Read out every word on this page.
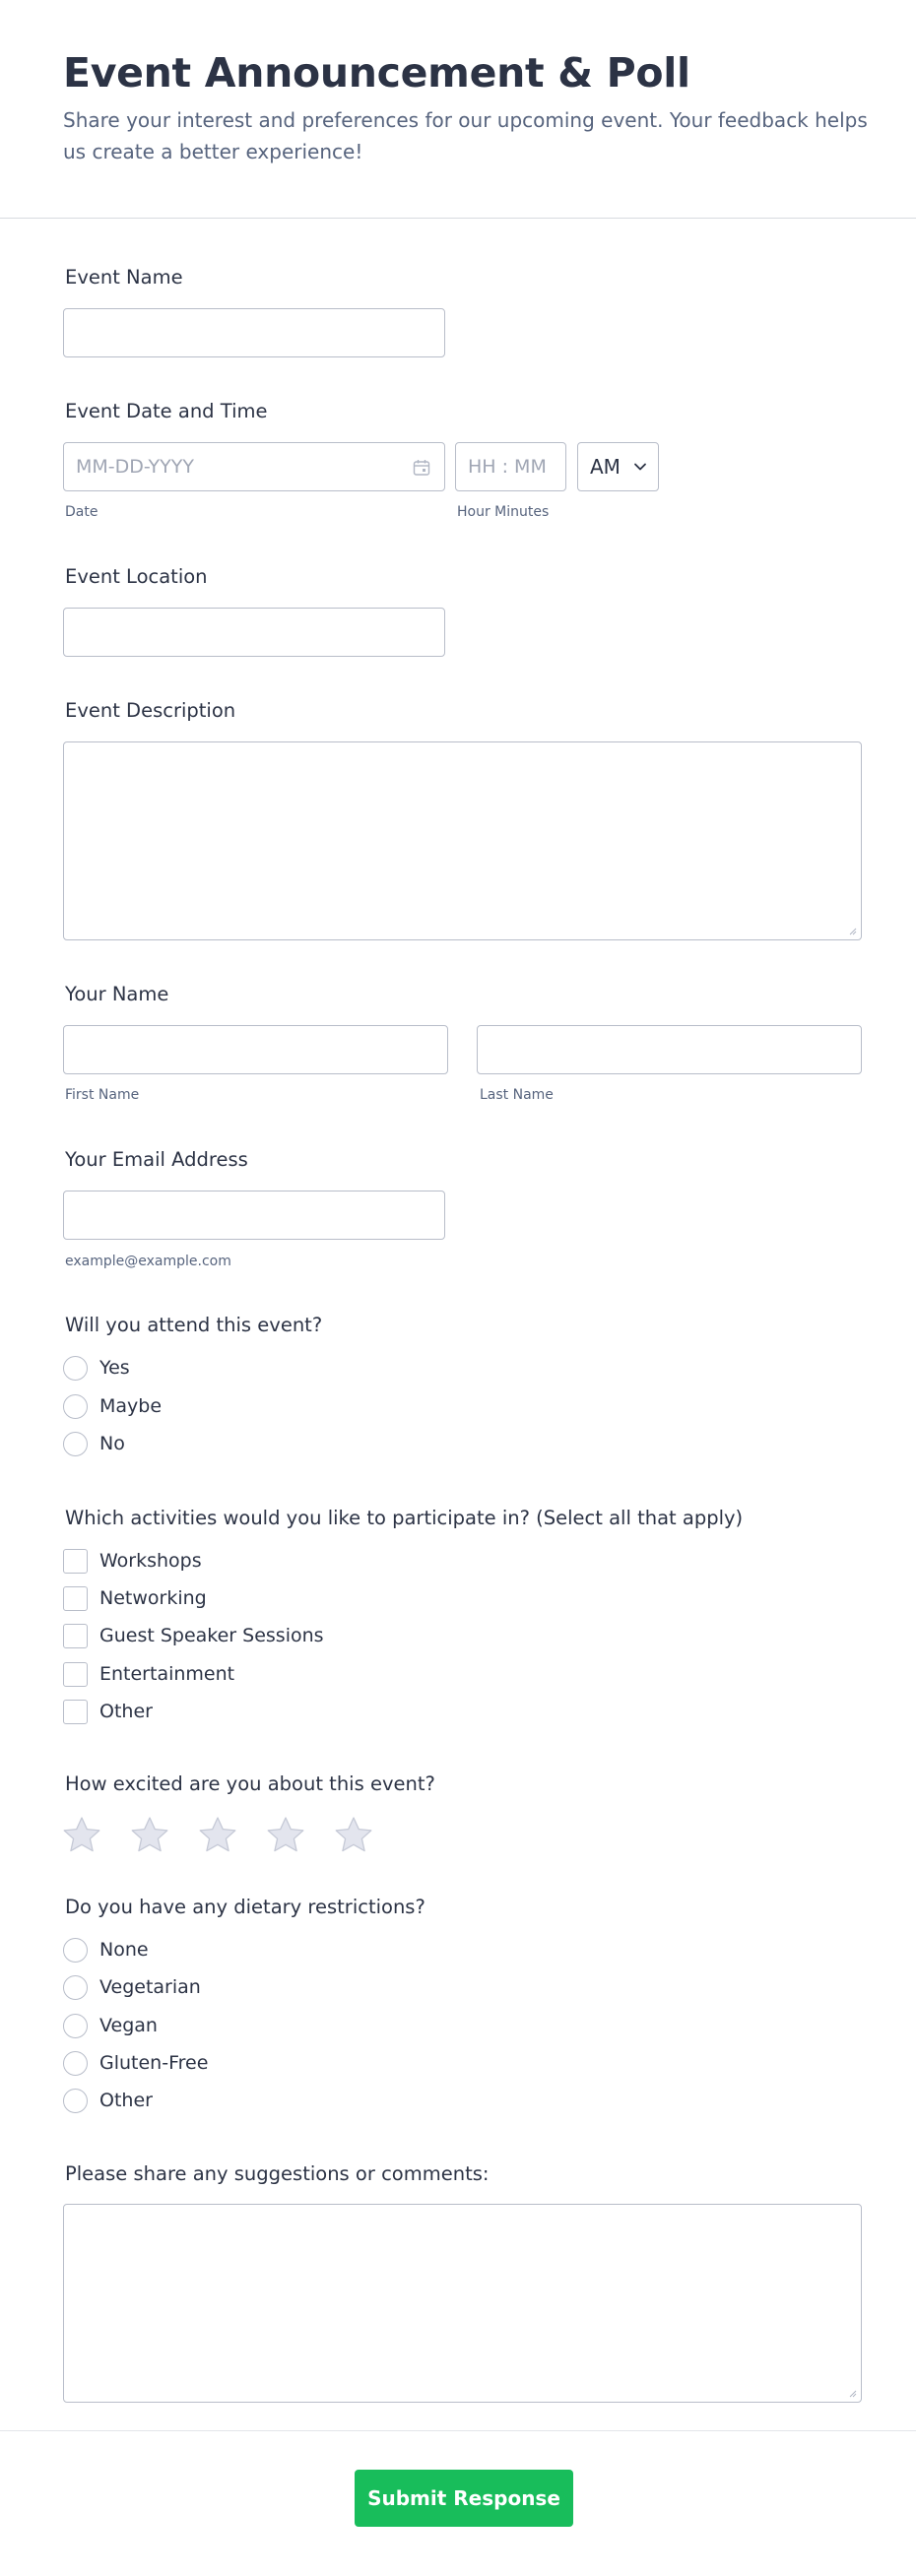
Event Announcement & Poll
Share your interest and preferences for our upcoming event. Your feedback helps us create a better experience!
Event Name
Event Date and Time
MM-DD-YYYY
Date
HH : MM
Hour Minutes
AM
Event Location
Event Description
Your Name
First Name	Last Name
Your Email Address
example@example.com
Will you attend this event?
Yes
Maybe
No
Which activities would you like to participate in? (Select all that apply)
Workshops
Networking
Guest Speaker Sessions
Entertainment
Other
How excited are you about this event?
Do you have any dietary restrictions?
None
Vegetarian
Vegan
Gluten-Free
Other
Please share any suggestions or comments:
Submit Response
